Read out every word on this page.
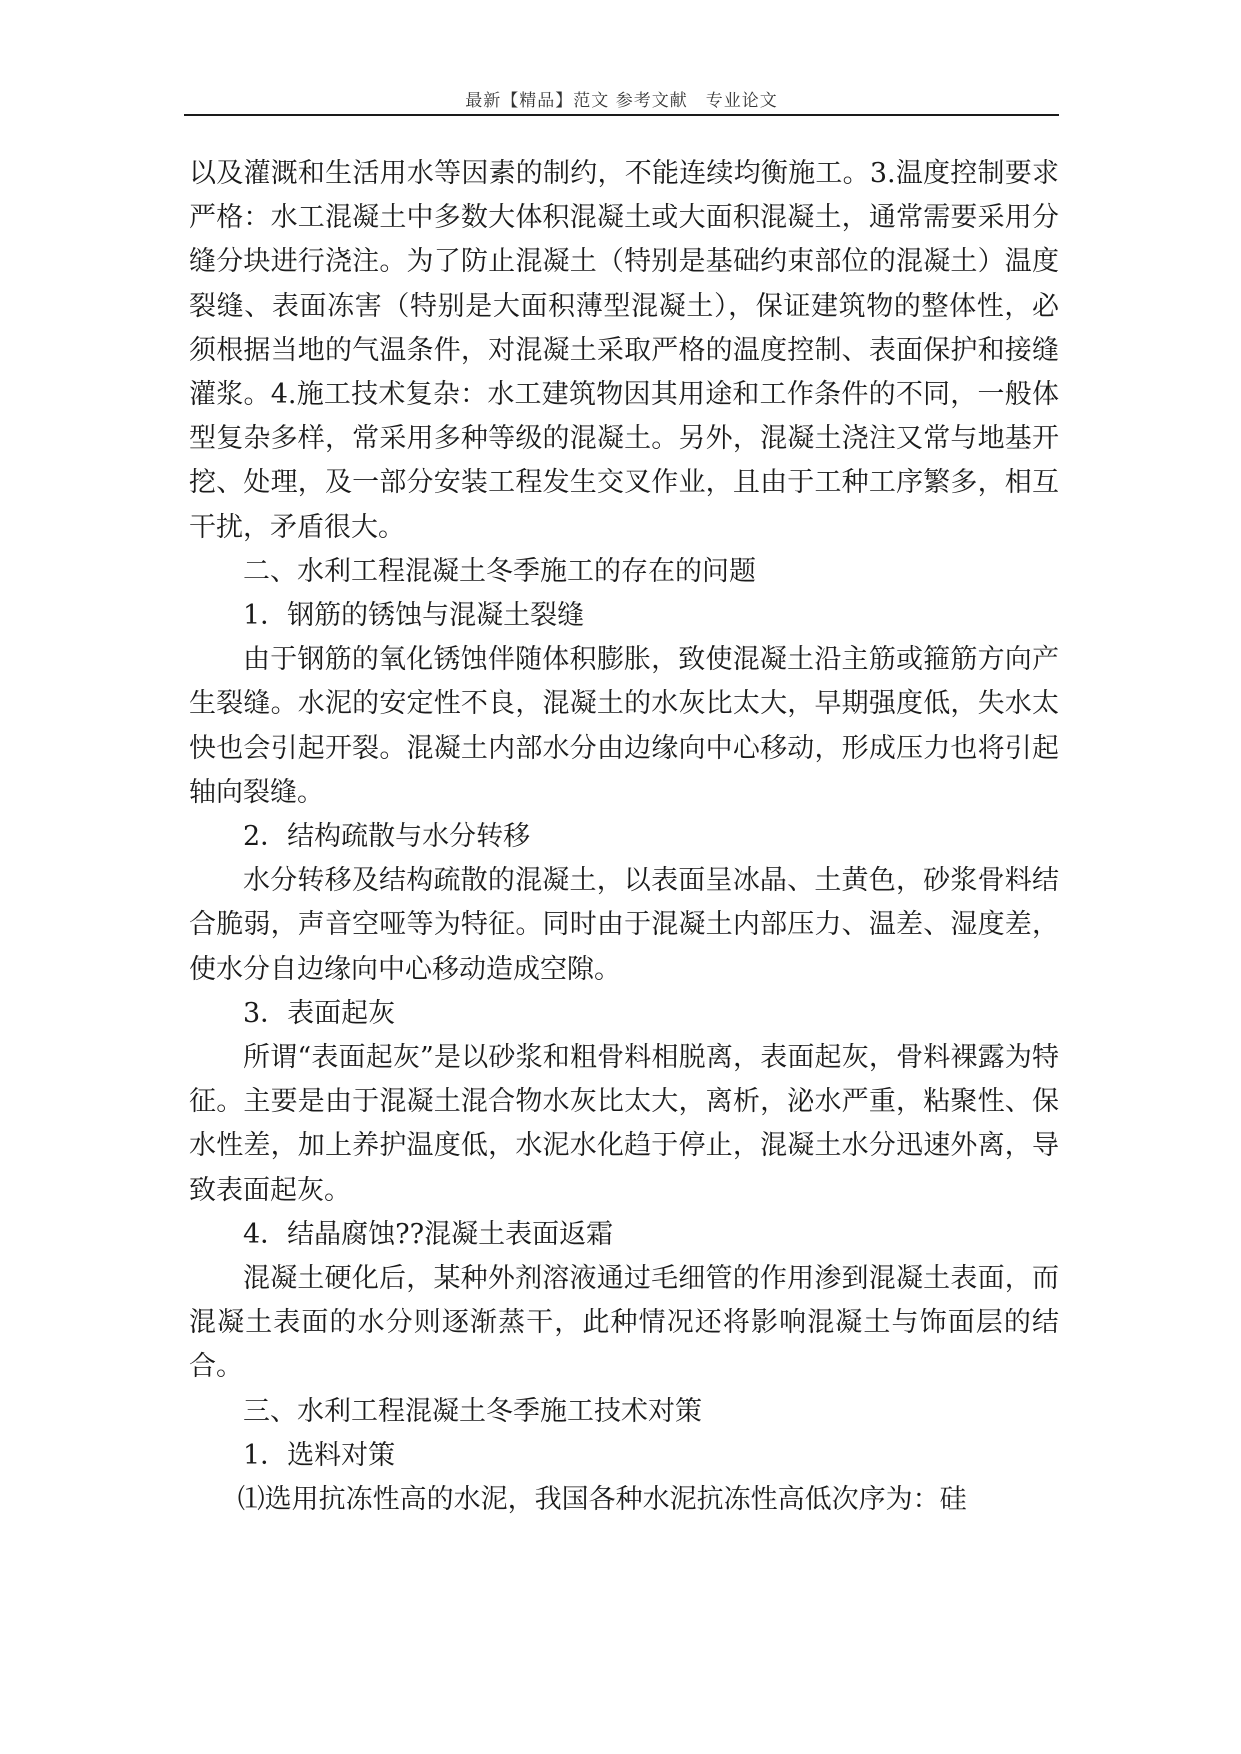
最新【精品】范文 参考文献　专业论文

以及灌溉和生活用水等因素的制约，不能连续均衡施工。3.温度控制要求严格：水工混凝土中多数大体积混凝土或大面积混凝土，通常需要采用分缝分块进行浇注。为了防止混凝土（特别是基础约束部位的混凝土）温度裂缝、表面冻害（特别是大面积薄型混凝土），保证建筑物的整体性，必须根据当地的气温条件，对混凝土采取严格的温度控制、表面保护和接缝灌浆。4.施工技术复杂：水工建筑物因其用途和工作条件的不同，一般体型复杂多样，常采用多种等级的混凝土。另外，混凝土浇注又常与地基开挖、处理，及一部分安装工程发生交叉作业，且由于工种工序繁多，相互干扰，矛盾很大。

二、水利工程混凝土冬季施工的存在的问题

1．钢筋的锈蚀与混凝土裂缝

由于钢筋的氧化锈蚀伴随体积膨胀，致使混凝土沿主筋或箍筋方向产生裂缝。水泥的安定性不良，混凝土的水灰比太大，早期强度低，失水太快也会引起开裂。混凝土内部水分由边缘向中心移动，形成压力也将引起轴向裂缝。

2．结构疏散与水分转移

水分转移及结构疏散的混凝土，以表面呈冰晶、土黄色，砂浆骨料结合脆弱，声音空哑等为特征。同时由于混凝土内部压力、温差、湿度差，使水分自边缘向中心移动造成空隙。

3．表面起灰

所谓“表面起灰”是以砂浆和粗骨料相脱离，表面起灰，骨料裸露为特征。主要是由于混凝土混合物水灰比太大，离析，泌水严重，粘聚性、保水性差，加上养护温度低，水泥水化趋于停止，混凝土水分迅速外离，导致表面起灰。

4．结晶腐蚀??混凝土表面返霜

混凝土硬化后，某种外剂溶液通过毛细管的作用渗到混凝土表面，而混凝土表面的水分则逐渐蒸干，此种情况还将影响混凝土与饰面层的结合。

三、水利工程混凝土冬季施工技术对策

1．选料对策

⑴选用抗冻性高的水泥，我国各种水泥抗冻性高低次序为：硅
